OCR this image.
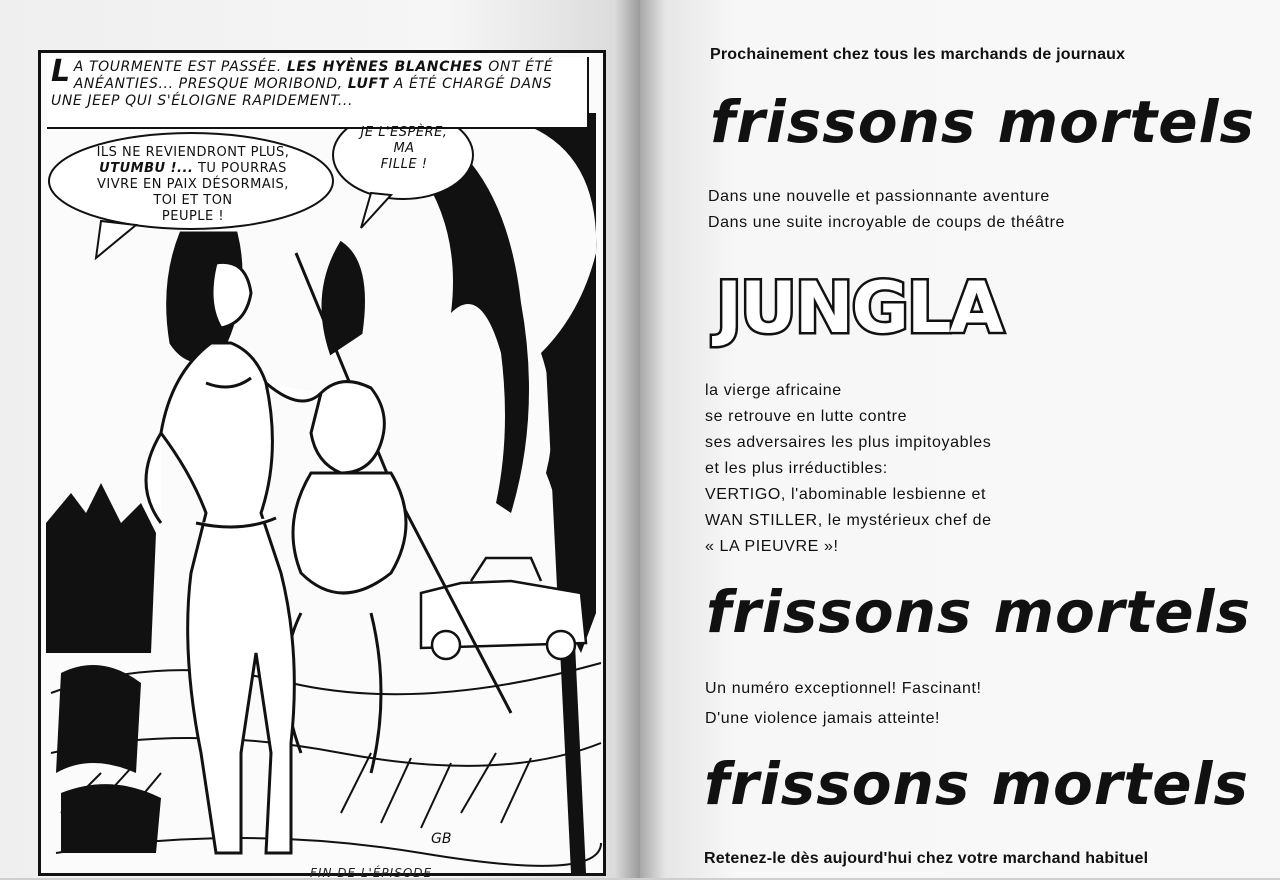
GB
LA TOURMENTE EST PASSÉE. LES HYÈNES BLANCHES ONT ÉTÉ ANÉANTIES... PRESQUE MORIBOND, LUFT A ÉTÉ CHARGÉ DANS UNE JEEP QUI S'ÉLOIGNE RAPIDEMENT...
ILS NE REVIENDRONT PLUS,
UTUMBU !... TU POURRAS
VIVRE EN PAIX DÉSORMAIS,
TOI ET TON
PEUPLE !
JE L'ESPÈRE,
MA
FILLE !
FIN DE L'ÉPISODE
Prochainement chez tous les marchands de journaux
frissons mortels
Dans une nouvelle et passionnante aventure
Dans une suite incroyable de coups de théâtre
JUNGLA
la vierge africaine
se retrouve en lutte contre
ses adversaires les plus impitoyables
et les plus irréductibles:
VERTIGO, l'abominable lesbienne et
WAN STILLER, le mystérieux chef de
« LA PIEUVRE »!
frissons mortels
Un numéro exceptionnel! Fascinant!
D'une violence jamais atteinte!
frissons mortels
Retenez-le dès aujourd'hui chez votre marchand habituel
